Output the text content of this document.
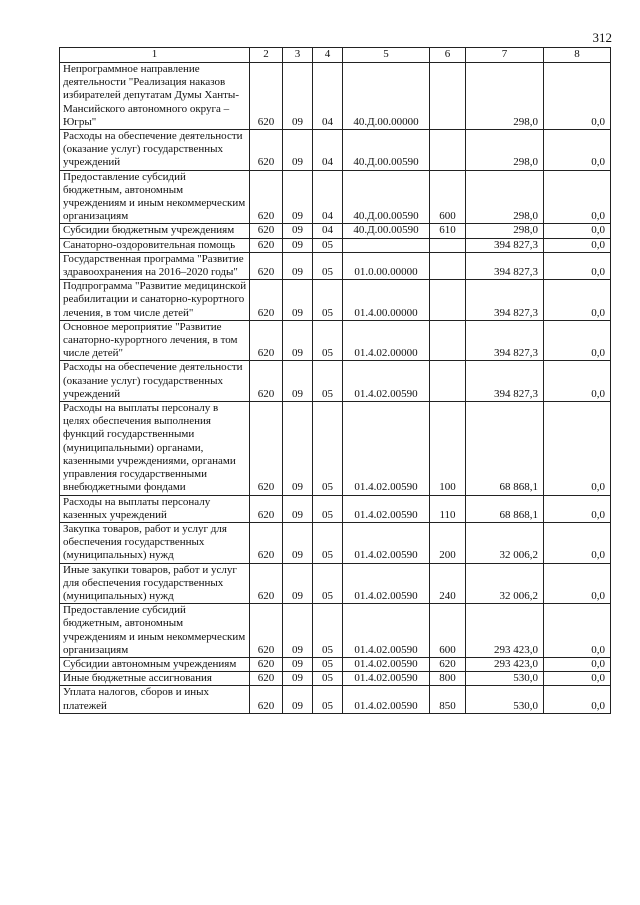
312
1	2	3	4	5	6	7	8
Непрограммное направление деятельности "Реализация наказов избирателей депутатам Думы Ханты-Мансийского автономного округа – Югры"	620	09	04	40.Д.00.00000		298,0	0,0
Расходы на обеспечение деятельности (оказание услуг) государственных учреждений	620	09	04	40.Д.00.00590		298,0	0,0
Предоставление субсидий бюджетным, автономным учреждениям и иным некоммерческим организациям	620	09	04	40.Д.00.00590	600	298,0	0,0
Субсидии бюджетным учреждениям	620	09	04	40.Д.00.00590	610	298,0	0,0
Санаторно-оздоровительная помощь	620	09	05			394 827,3	0,0
Государственная программа "Развитие здравоохранения на 2016–2020 годы"	620	09	05	01.0.00.00000		394 827,3	0,0
Подпрограмма "Развитие медицинской реабилитации и санаторно-курортного лечения, в том числе детей"	620	09	05	01.4.00.00000		394 827,3	0,0
Основное мероприятие "Развитие санаторно-курортного лечения, в том числе детей"	620	09	05	01.4.02.00000		394 827,3	0,0
Расходы на обеспечение деятельности (оказание услуг) государственных учреждений	620	09	05	01.4.02.00590		394 827,3	0,0
Расходы на выплаты персоналу в целях обеспечения выполнения функций государственными (муниципальными) органами, казенными учреждениями, органами управления государственными внебюджетными фондами	620	09	05	01.4.02.00590	100	68 868,1	0,0
Расходы на выплаты персоналу казенных учреждений	620	09	05	01.4.02.00590	110	68 868,1	0,0
Закупка товаров, работ и услуг для обеспечения государственных (муниципальных) нужд	620	09	05	01.4.02.00590	200	32 006,2	0,0
Иные закупки товаров, работ и услуг для обеспечения государственных (муниципальных) нужд	620	09	05	01.4.02.00590	240	32 006,2	0,0
Предоставление субсидий бюджетным, автономным учреждениям и иным некоммерческим организациям	620	09	05	01.4.02.00590	600	293 423,0	0,0
Субсидии автономным учреждениям	620	09	05	01.4.02.00590	620	293 423,0	0,0
Иные бюджетные ассигнования	620	09	05	01.4.02.00590	800	530,0	0,0
Уплата налогов, сборов и иных платежей	620	09	05	01.4.02.00590	850	530,0	0,0
